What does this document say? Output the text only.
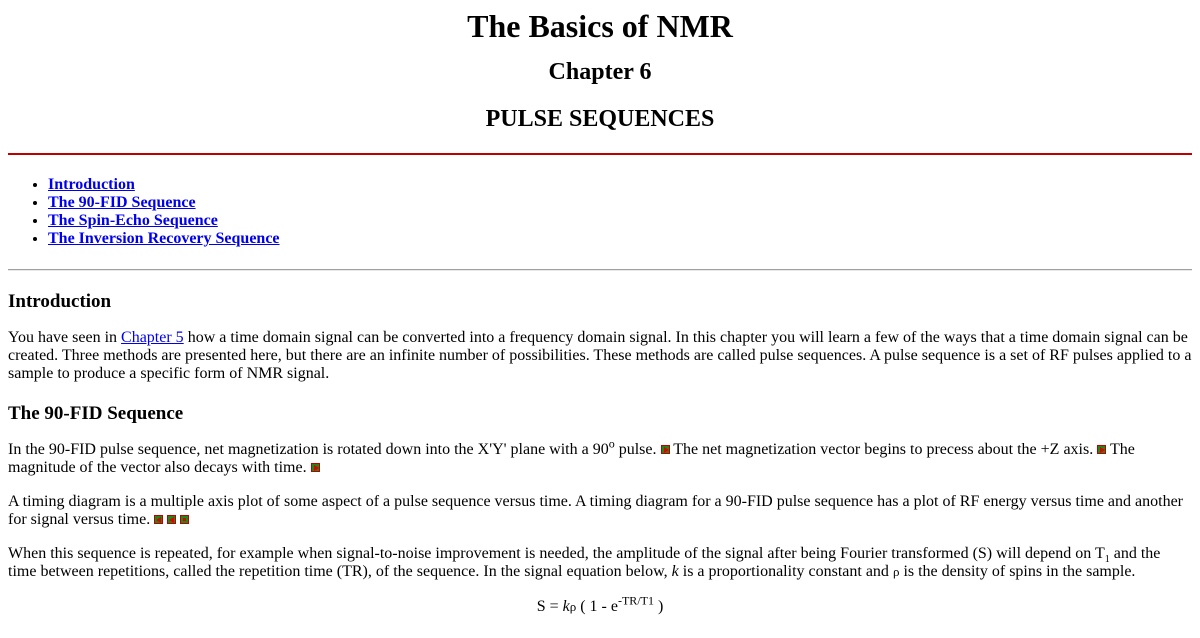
The Basics of NMR
Chapter 6
PULSE SEQUENCES
• Introduction
• The 90-FID Sequence
• The Spin-Echo Sequence
• The Inversion Recovery Sequence
Introduction

You have seen in Chapter 5 how a time domain signal can be converted into a frequency domain signal. In this chapter you will learn a few of the ways that a time domain signal can be created. Three methods are presented here, but there are an infinite number of possibilities. These methods are called pulse sequences. A pulse sequence is a set of RF pulses applied to a sample to produce a specific form of NMR signal.

The 90-FID Sequence

In the 90-FID pulse sequence, net magnetization is rotated down into the X'Y' plane with a 90$^o$ pulse.  The net magnetization vector begins to precess about the +Z axis.  The magnitude of the vector also decays with time.

A timing diagram is a multiple axis plot of some aspect of a pulse sequence versus time. A timing diagram for a 90-FID pulse sequence has a plot of RF energy versus time and another for signal versus time.

When this sequence is repeated, for example when signal-to-noise improvement is needed, the amplitude of the signal after being Fourier transformed (S) will depend on $T_1$ and the time between repetitions, called the repetition time (TR), of the sequence. In the signal equation below, k is a proportionality constant and ρ is the density of spins in the sample.

S = kρ ( $1 - e^{-TR/T1}$ )
